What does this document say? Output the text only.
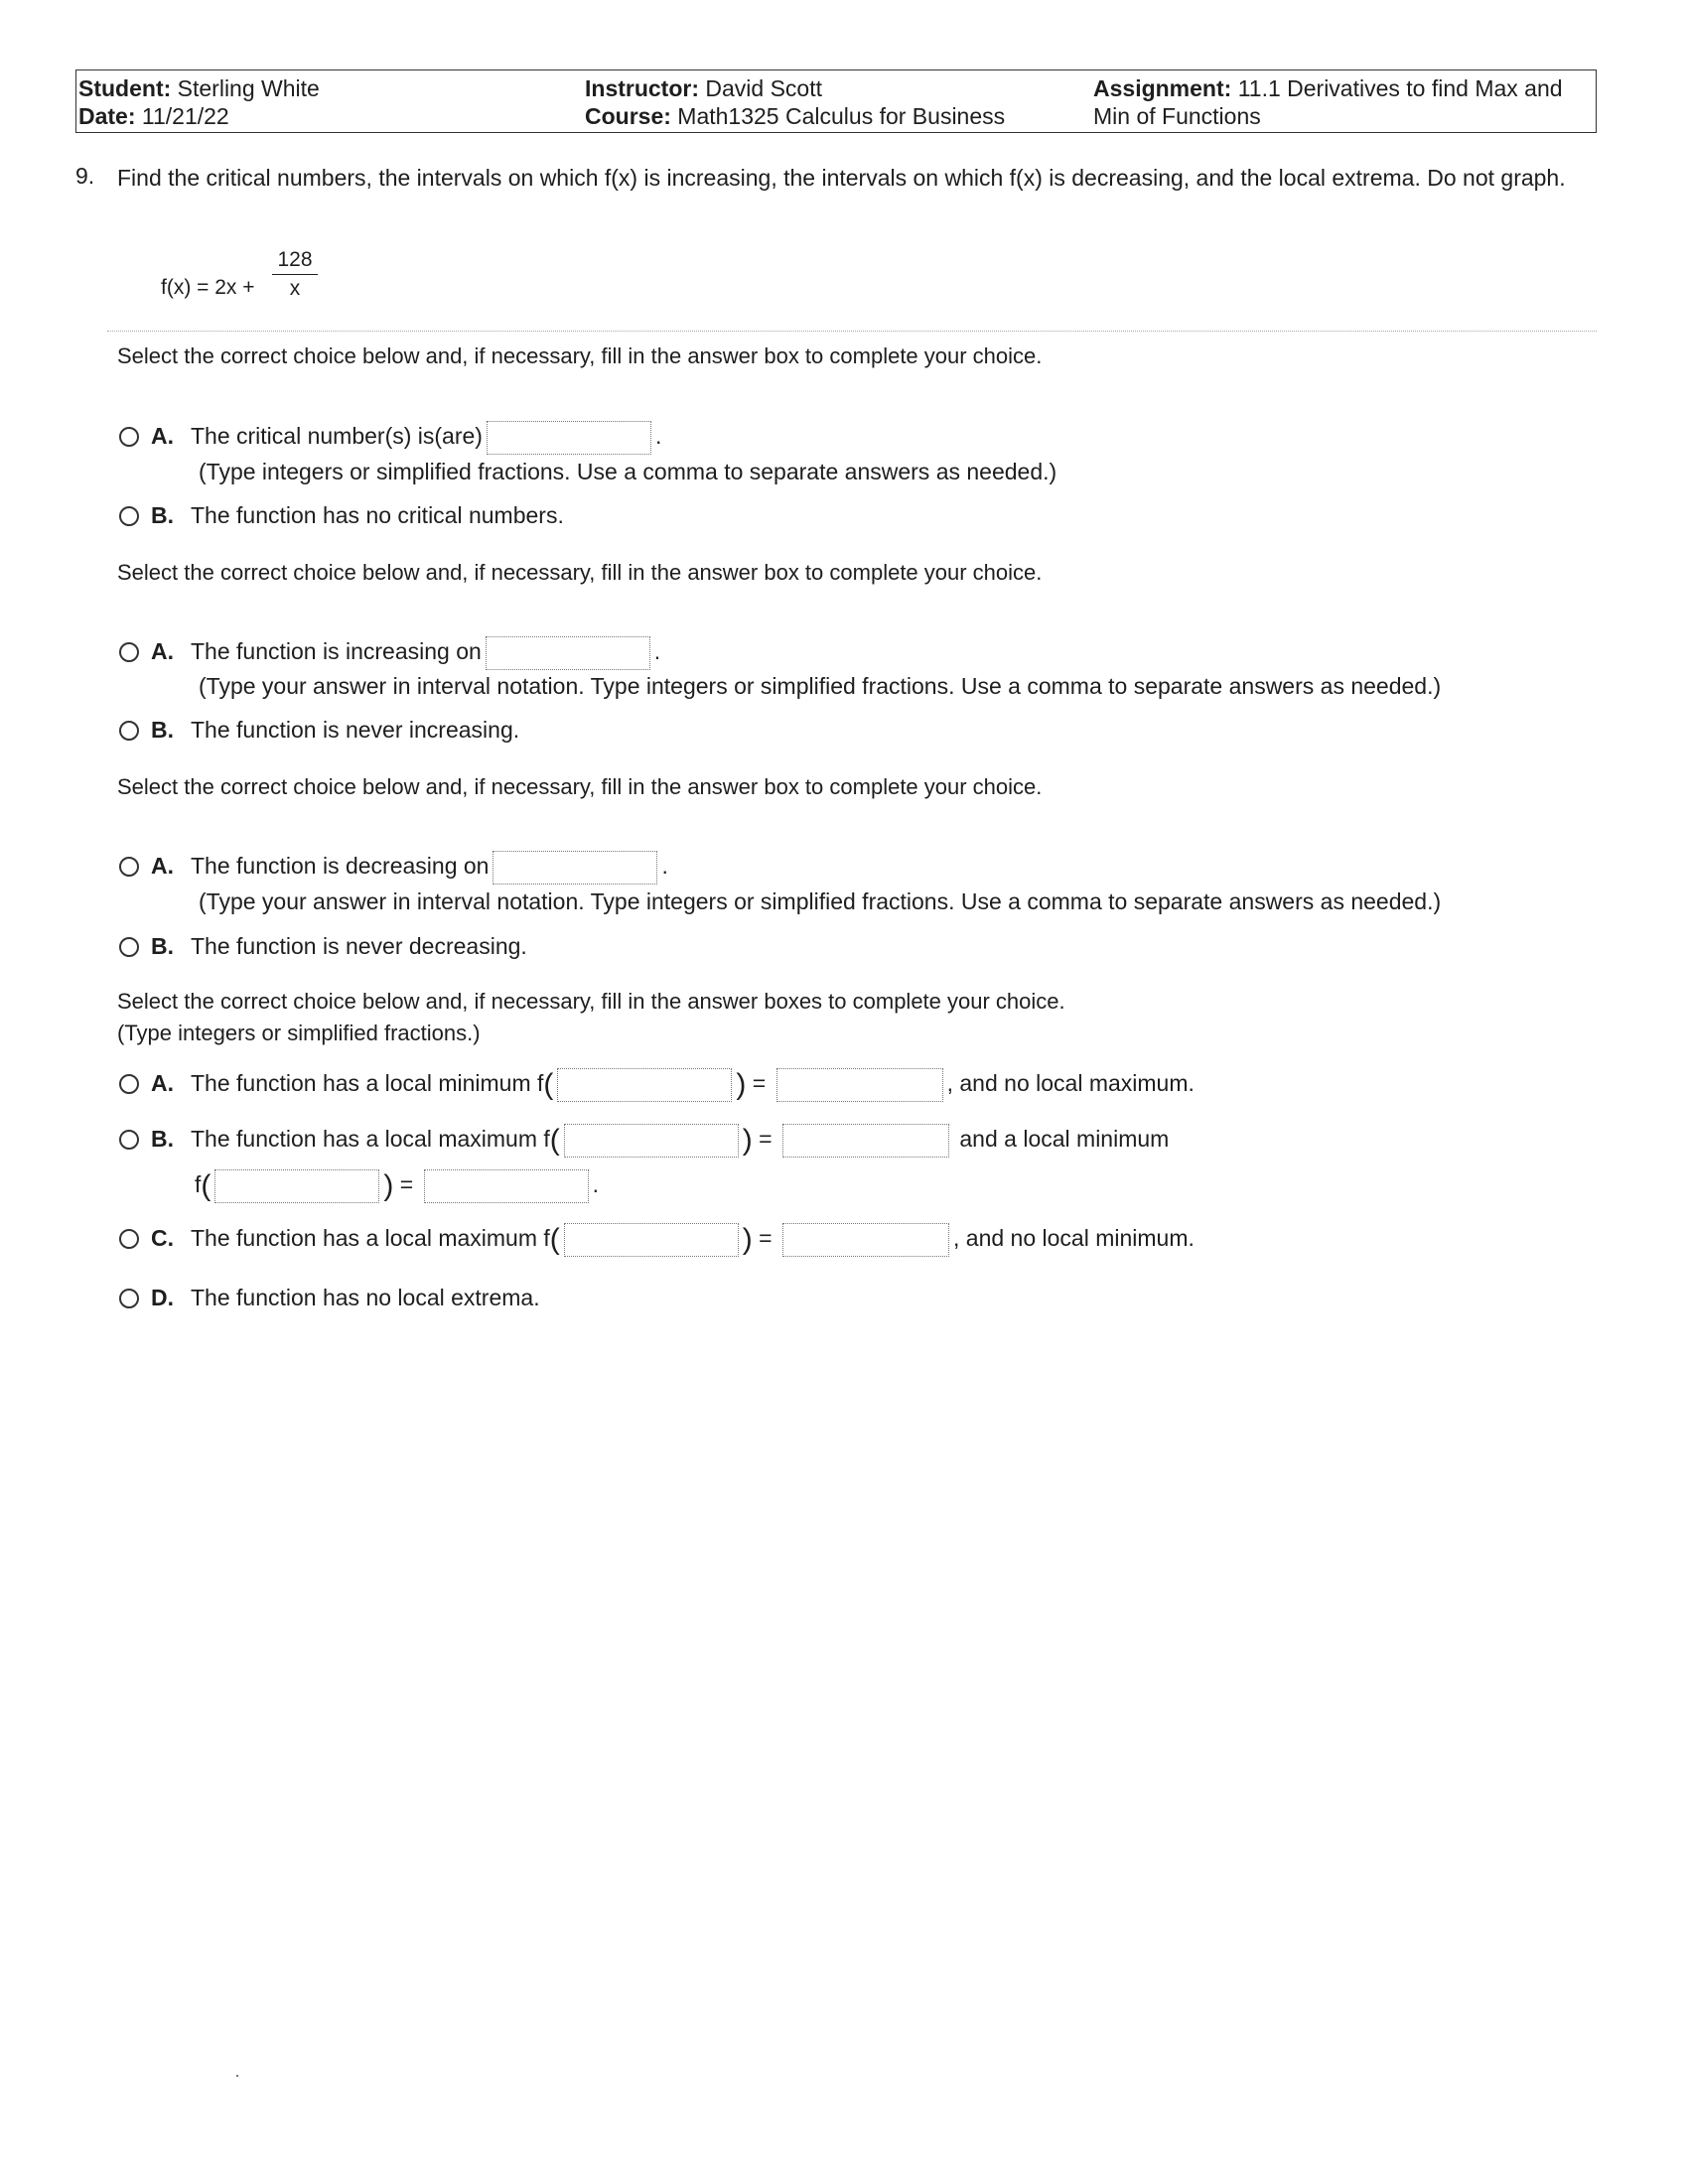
Student: Sterling White
Date: 11/21/22
Instructor: David Scott
Course: Math1325 Calculus for Business
Assignment: 11.1 Derivatives to find Max and
Min of Functions
9. Find the critical numbers, the intervals on which f(x) is increasing, the intervals on which f(x) is decreasing, and the local extrema. Do not graph.
$f(x) = 2x + \frac{128}{x}$
Select the correct choice below and, if necessary, fill in the answer box to complete your choice.
A. The critical number(s) is(are)	.
(Type integers or simplified fractions. Use a comma to separate answers as needed.)
B. The function has no critical numbers.
Select the correct choice below and, if necessary, fill in the answer box to complete your choice.
A. The function is increasing on	.
(Type your answer in interval notation. Type integers or simplified fractions. Use a comma to separate answers as needed.)
B. The function is never increasing.
Select the correct choice below and, if necessary, fill in the answer box to complete your choice.
A. The function is decreasing on	.
(Type your answer in interval notation. Type integers or simplified fractions. Use a comma to separate answers as needed.)
B. The function is never decreasing.
Select the correct choice below and, if necessary, fill in the answer boxes to complete your choice.
(Type integers or simplified fractions.)
A. The function has a local minimum f(	) =	, and no local maximum.
B. The function has a local maximum f(	) =	and a local minimum
f(	) =	.
C. The function has a local maximum f(	) =	, and no local minimum.
D. The function has no local extrema.
